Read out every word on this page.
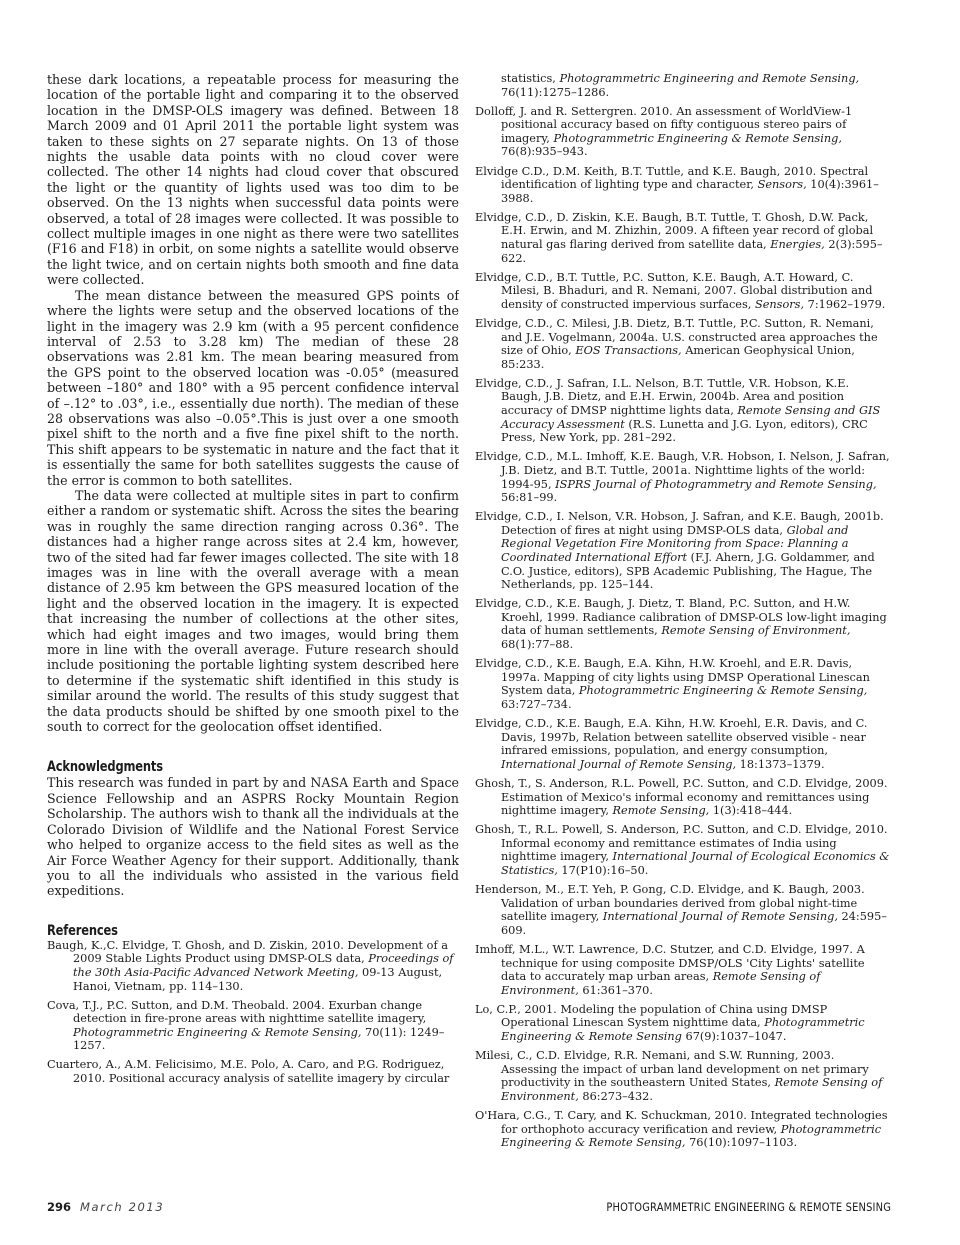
these dark locations, a repeatable process for measuring the location of the portable light and comparing it to the observed location in the DMSP-OLS imagery was defined. Between 18 March 2009 and 01 April 2011 the portable light system was taken to these sights on 27 separate nights. On 13 of those nights the usable data points with no cloud cover were collected. The other 14 nights had cloud cover that obscured the light or the quantity of lights used was too dim to be observed. On the 13 nights when successful data points were observed, a total of 28 images were collected. It was possible to collect multiple images in one night as there were two satellites (F16 and F18) in orbit, on some nights a satellite would observe the light twice, and on certain nights both smooth and fine data were collected.

The mean distance between the measured GPS points of where the lights were setup and the observed locations of the light in the imagery was 2.9 km (with a 95 percent confidence interval of 2.53 to 3.28 km) The median of these 28 observations was 2.81 km. The mean bearing measured from the GPS point to the observed location was -0.05° (measured between –180° and 180° with a 95 percent confidence interval of –.12° to .03°, i.e., essentially due north). The median of these 28 observations was also –0.05°.This is just over a one smooth pixel shift to the north and a five fine pixel shift to the north. This shift appears to be systematic in nature and the fact that it is essentially the same for both satellites suggests the cause of the error is common to both satellites.

The data were collected at multiple sites in part to confirm either a random or systematic shift. Across the sites the bearing was in roughly the same direction ranging across 0.36°. The distances had a higher range across sites at 2.4 km, however, two of the sited had far fewer images collected. The site with 18 images was in line with the overall average with a mean distance of 2.95 km between the GPS measured location of the light and the observed location in the imagery. It is expected that increasing the number of collections at the other sites, which had eight images and two images, would bring them more in line with the overall average. Future research should include positioning the portable lighting system described here to determine if the systematic shift identified in this study is similar around the world. The results of this study suggest that the data products should be shifted by one smooth pixel to the south to correct for the geolocation offset identified.

Acknowledgments

This research was funded in part by and NASA Earth and Space Science Fellowship and an ASPRS Rocky Mountain Region Scholarship. The authors wish to thank all the individuals at the Colorado Division of Wildlife and the National Forest Service who helped to organize access to the field sites as well as the Air Force Weather Agency for their support. Additionally, thank you to all the individuals who assisted in the various field expeditions.

References
Baugh, K.,C. Elvidge, T. Ghosh, and D. Ziskin, 2010. Development of a 2009 Stable Lights Product using DMSP-OLS data, Proceedings of the 30th Asia-Pacific Advanced Network Meeting, 09-13 August, Hanoi, Vietnam, pp. 114–130.
Cova, T.J., P.C. Sutton, and D.M. Theobald. 2004. Exurban change detection in fire-prone areas with nighttime satellite imagery, Photogrammetric Engineering & Remote Sensing, 70(11): 1249–1257.
Cuartero, A., A.M. Felicisimo, M.E. Polo, A. Caro, and P.G. Rodriguez, 2010. Positional accuracy analysis of satellite imagery by circular
statistics, Photogrammetric Engineering and Remote Sensing, 76(11):1275–1286.
Dolloff, J. and R. Settergren. 2010. An assessment of WorldView-1 positional accuracy based on fifty contiguous stereo pairs of imagery, Photogrammetric Engineering & Remote Sensing, 76(8):935–943.
Elvidge C.D., D.M. Keith, B.T. Tuttle, and K.E. Baugh, 2010. Spectral identification of lighting type and character, Sensors, 10(4):3961–3988.
Elvidge, C.D., D. Ziskin, K.E. Baugh, B.T. Tuttle, T. Ghosh, D.W. Pack, E.H. Erwin, and M. Zhizhin, 2009. A fifteen year record of global natural gas flaring derived from satellite data, Energies, 2(3):595–622.
Elvidge, C.D., B.T. Tuttle, P.C. Sutton, K.E. Baugh, A.T. Howard, C. Milesi, B. Bhaduri, and R. Nemani, 2007. Global distribution and density of constructed impervious surfaces, Sensors, 7:1962–1979.
Elvidge, C.D., C. Milesi, J.B. Dietz, B.T. Tuttle, P.C. Sutton, R. Nemani, and J.E. Vogelmann, 2004a. U.S. constructed area approaches the size of Ohio, EOS Transactions, American Geophysical Union, 85:233.
Elvidge, C.D., J. Safran, I.L. Nelson, B.T. Tuttle, V.R. Hobson, K.E. Baugh, J.B. Dietz, and E.H. Erwin, 2004b. Area and position accuracy of DMSP nighttime lights data, Remote Sensing and GIS Accuracy Assessment (R.S. Lunetta and J.G. Lyon, editors), CRC Press, New York, pp. 281–292.
Elvidge, C.D., M.L. Imhoff, K.E. Baugh, V.R. Hobson, I. Nelson, J. Safran, J.B. Dietz, and B.T. Tuttle, 2001a. Nighttime lights of the world: 1994-95, ISPRS Journal of Photogrammetry and Remote Sensing, 56:81–99.
Elvidge, C.D., I. Nelson, V.R. Hobson, J. Safran, and K.E. Baugh, 2001b. Detection of fires at night using DMSP-OLS data, Global and Regional Vegetation Fire Monitoring from Space: Planning a Coordinated International Effort (F.J. Ahern, J.G. Goldammer, and C.O. Justice, editors), SPB Academic Publishing, The Hague, The Netherlands, pp. 125–144.
Elvidge, C.D., K.E. Baugh, J. Dietz, T. Bland, P.C. Sutton, and H.W. Kroehl, 1999. Radiance calibration of DMSP-OLS low-light imaging data of human settlements, Remote Sensing of Environment, 68(1):77–88.
Elvidge, C.D., K.E. Baugh, E.A. Kihn, H.W. Kroehl, and E.R. Davis, 1997a. Mapping of city lights using DMSP Operational Linescan System data, Photogrammetric Engineering & Remote Sensing, 63:727–734.
Elvidge, C.D., K.E. Baugh, E.A. Kihn, H.W. Kroehl, E.R. Davis, and C. Davis, 1997b, Relation between satellite observed visible - near infrared emissions, population, and energy consumption, International Journal of Remote Sensing, 18:1373–1379.
Ghosh, T., S. Anderson, R.L. Powell, P.C. Sutton, and C.D. Elvidge, 2009. Estimation of Mexico's informal economy and remittances using nighttime imagery, Remote Sensing, 1(3):418–444.
Ghosh, T., R.L. Powell, S. Anderson, P.C. Sutton, and C.D. Elvidge, 2010. Informal economy and remittance estimates of India using nighttime imagery, International Journal of Ecological Economics & Statistics, 17(P10):16–50.
Henderson, M., E.T. Yeh, P. Gong, C.D. Elvidge, and K. Baugh, 2003. Validation of urban boundaries derived from global night-time satellite imagery, International Journal of Remote Sensing, 24:595–609.
Imhoff, M.L., W.T. Lawrence, D.C. Stutzer, and C.D. Elvidge, 1997. A technique for using composite DMSP/OLS 'City Lights' satellite data to accurately map urban areas, Remote Sensing of Environment, 61:361–370.
Lo, C.P., 2001. Modeling the population of China using DMSP Operational Linescan System nighttime data, Photogrammetric Engineering & Remote Sensing 67(9):1037–1047.
Milesi, C., C.D. Elvidge, R.R. Nemani, and S.W. Running, 2003. Assessing the impact of urban land development on net primary productivity in the southeastern United States, Remote Sensing of Environment, 86:273–432.
O'Hara, C.G., T. Cary, and K. Schuckman, 2010. Integrated technologies for orthophoto accuracy verification and review, Photogrammetric Engineering & Remote Sensing, 76(10):1097–1103.
296 March 2013	PHOTOGRAMMETRIC ENGINEERING & REMOTE SENSING
